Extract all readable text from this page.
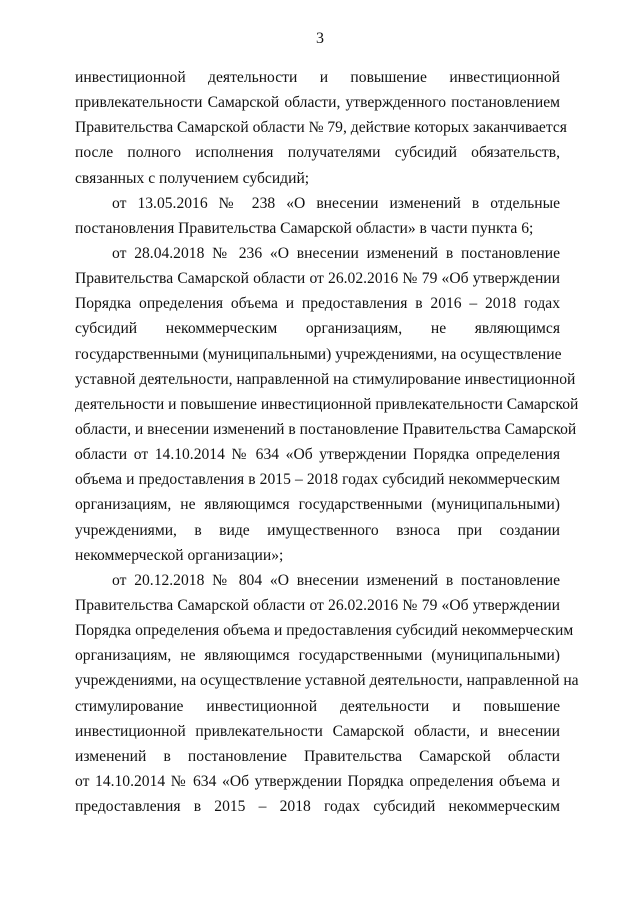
3
инвестиционной деятельности и повышение инвестиционной
привлекательности Самарской области, утвержденного постановлением
Правительства Самарской области № 79, действие которых заканчивается
после полного исполнения получателями субсидий обязательств,
связанных с получением субсидий;
от 13.05.2016 № 238 «О внесении изменений в отдельные
постановления Правительства Самарской области» в части пункта 6;
от 28.04.2018 № 236 «О внесении изменений в постановление
Правительства Самарской области от 26.02.2016 № 79 «Об утверждении
Порядка определения объема и предоставления в 2016 – 2018 годах
субсидий некоммерческим организациям, не являющимся
государственными (муниципальными) учреждениями, на осуществление
уставной деятельности, направленной на стимулирование инвестиционной
деятельности и повышение инвестиционной привлекательности Самарской
области, и внесении изменений в постановление Правительства Самарской
области от 14.10.2014 № 634 «Об утверждении Порядка определения
объема и предоставления в 2015 – 2018 годах субсидий некоммерческим
организациям, не являющимся государственными (муниципальными)
учреждениями, в виде имущественного взноса при создании
некоммерческой организации»;
от 20.12.2018 № 804 «О внесении изменений в постановление
Правительства Самарской области от 26.02.2016 № 79 «Об утверждении
Порядка определения объема и предоставления субсидий некоммерческим
организациям, не являющимся государственными (муниципальными)
учреждениями, на осуществление уставной деятельности, направленной на
стимулирование инвестиционной деятельности и повышение
инвестиционной привлекательности Самарской области, и внесении
изменений в постановление Правительства Самарской области
от 14.10.2014 № 634 «Об утверждении Порядка определения объема и
предоставления в 2015 – 2018 годах субсидий некоммерческим
